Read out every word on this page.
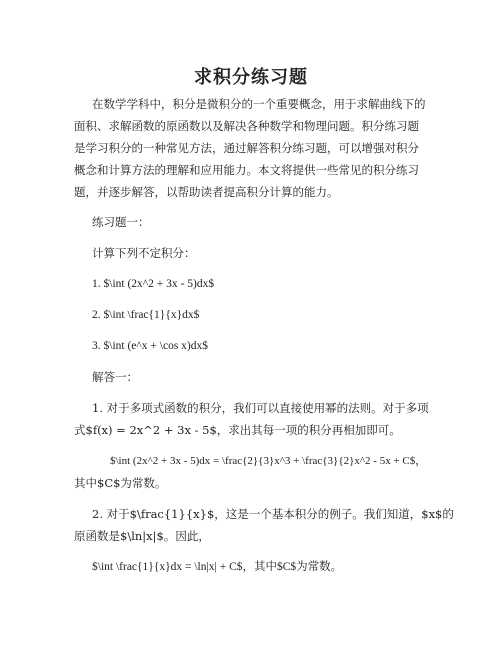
求积分练习题
在数学学科中，积分是微积分的一个重要概念，用于求解曲线下的
面积、求解函数的原函数以及解决各种数学和物理问题。积分练习题
是学习积分的一种常见方法，通过解答积分练习题，可以增强对积分
概念和计算方法的理解和应用能力。本文将提供一些常见的积分练习
题，并逐步解答，以帮助读者提高积分计算的能力。
练习题一：
计算下列不定积分：
1. $\int (2x^2 + 3x - 5)dx$
2. $\int \frac{1}{x}dx$
3. $\int (e^x + \cos x)dx$
解答一：
1. 对于多项式函数的积分，我们可以直接使用幂的法则。对于多项
式$f(x) = 2x^2 + 3x - 5$，求出其每一项的积分再相加即可。
$\int (2x^2 + 3x - 5)dx = \frac{2}{3}x^3 + \frac{3}{2}x^2 - 5x + C$，
其中$C$为常数。
2. 对于$\frac{1}{x}$，这是一个基本积分的例子。我们知道，$x$的
原函数是$\ln|x|$。因此，
$\int \frac{1}{x}dx = \ln|x| + C$，其中$C$为常数。
